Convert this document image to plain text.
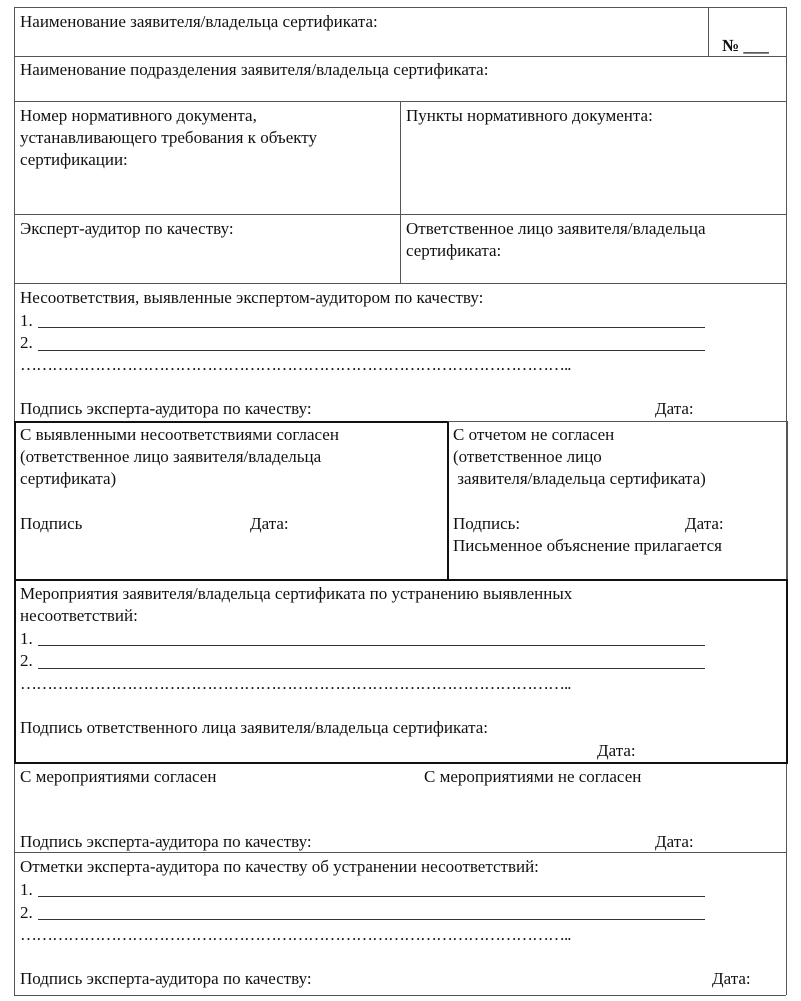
Наименование заявителя/владельца сертификата:
№ ___
Наименование подразделения заявителя/владельца сертификата:
Номер нормативного документа,
устанавливающего требования к объекту
сертификации:
Пункты нормативного документа:
Эксперт-аудитор по качеству:	Ответственное лицо заявителя/владельца
сертификата:
Несоответствия, выявленные экспертом-аудитором по качеству:
1.
2.
…………………………………………………………………………………………..
Подпись эксперта-аудитора по качеству:	Дата:
С выявленными несоответствиями согласен
(ответственное лицо заявителя/владельца
сертификата)
Подпись	Дата:
С отчетом не согласен
(ответственное лицо
заявителя/владельца сертификата)
Подпись:	Дата:
Письменное объяснение прилагается
Мероприятия заявителя/владельца сертификата по устранению выявленных
несоответствий:
1.
2.
…………………………………………………………………………………………..
Подпись ответственного лица заявителя/владельца сертификата:
Дата:
С мероприятиями согласен	С мероприятиями не согласен
Подпись эксперта-аудитора по качеству:	Дата:
Отметки эксперта-аудитора по качеству об устранении несоответствий:
1.
2.
…………………………………………………………………………………………..
Подпись эксперта-аудитора по качеству:	Дата:
